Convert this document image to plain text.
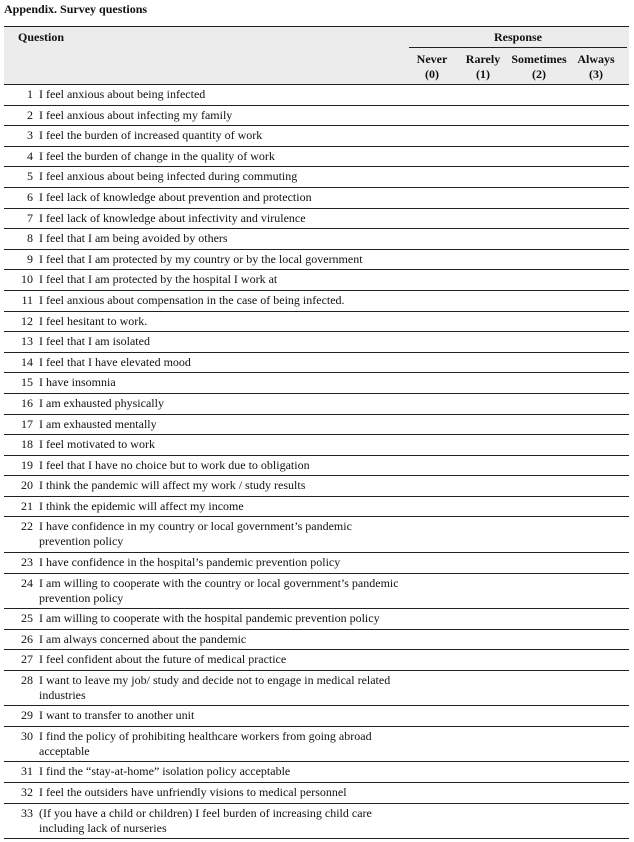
Appendix. Survey questions
Question	Response
Never
(0)
Rarely
(1)
Sometimes
(2)
Always
(3)
1 I feel anxious about being infected
2 I feel anxious about infecting my family
3 I feel the burden of increased quantity of work
4 I feel the burden of change in the quality of work
5 I feel anxious about being infected during commuting
6 I feel lack of knowledge about prevention and protection
7 I feel lack of knowledge about infectivity and virulence
8 I feel that I am being avoided by others
9 I feel that I am protected by my country or by the local government
10 I feel that I am protected by the hospital I work at
11 I feel anxious about compensation in the case of being infected.
12 I feel hesitant to work.
13 I feel that I am isolated
14 I feel that I have elevated mood
15 I have insomnia
16 I am exhausted physically
17 I am exhausted mentally
18 I feel motivated to work
19 I feel that I have no choice but to work due to obligation
20 I think the pandemic will affect my work / study results
21 I think the epidemic will affect my income
22 I have confidence in my country or local government’s pandemic prevention policy
23 I have confidence in the hospital’s pandemic prevention policy
24 I am willing to cooperate with the country or local government’s pandemic prevention policy
25 I am willing to cooperate with the hospital pandemic prevention policy
26 I am always concerned about the pandemic
27 I feel confident about the future of medical practice
28 I want to leave my job/ study and decide not to engage in medical related industries
29 I want to transfer to another unit
30 I find the policy of prohibiting healthcare workers from going abroad acceptable
31 I find the “stay-at-home” isolation policy acceptable
32 I feel the outsiders have unfriendly visions to medical personnel
33 (If you have a child or children) I feel burden of increasing child care including lack of nurseries
